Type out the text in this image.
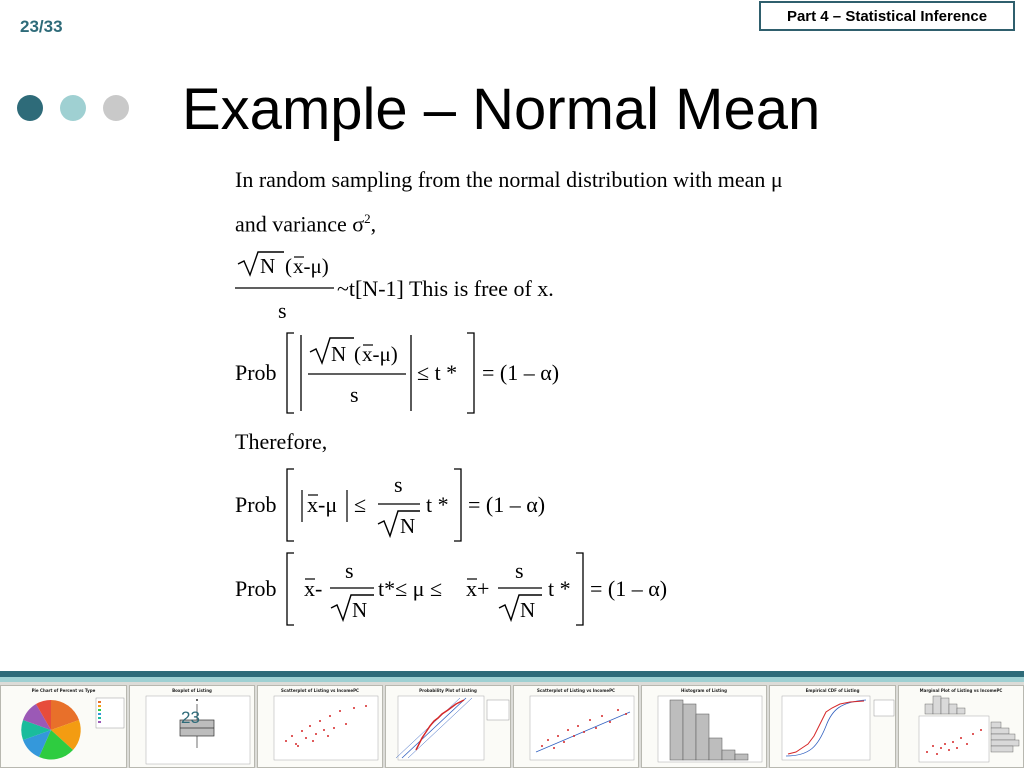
23/33
Part 4 – Statistical Inference
Example – Normal Mean
In random sampling from the normal distribution with mean μ
and variance $\sigma^2$,
N ( x-μ)
s
~t[N-1] This is free of x.
Prob
N ( x-μ)
s
≤ t * = (1 – α)
Therefore,
Prob x-μ ≤
s
N
t * = (1 – α)
Prob x-
s
N
t*≤ μ ≤ x+
s
N
t * = (1 – α)
Pie Chart of Percent vs Type	Boxplot of Listing	Scatterplot of Listing vs IncomePC	Probability Plot of Listing	Scatterplot of Listing vs IncomePC	Histogram of Listing	Empirical CDF of Listing	Marginal Plot of Listing vs IncomePC
23
